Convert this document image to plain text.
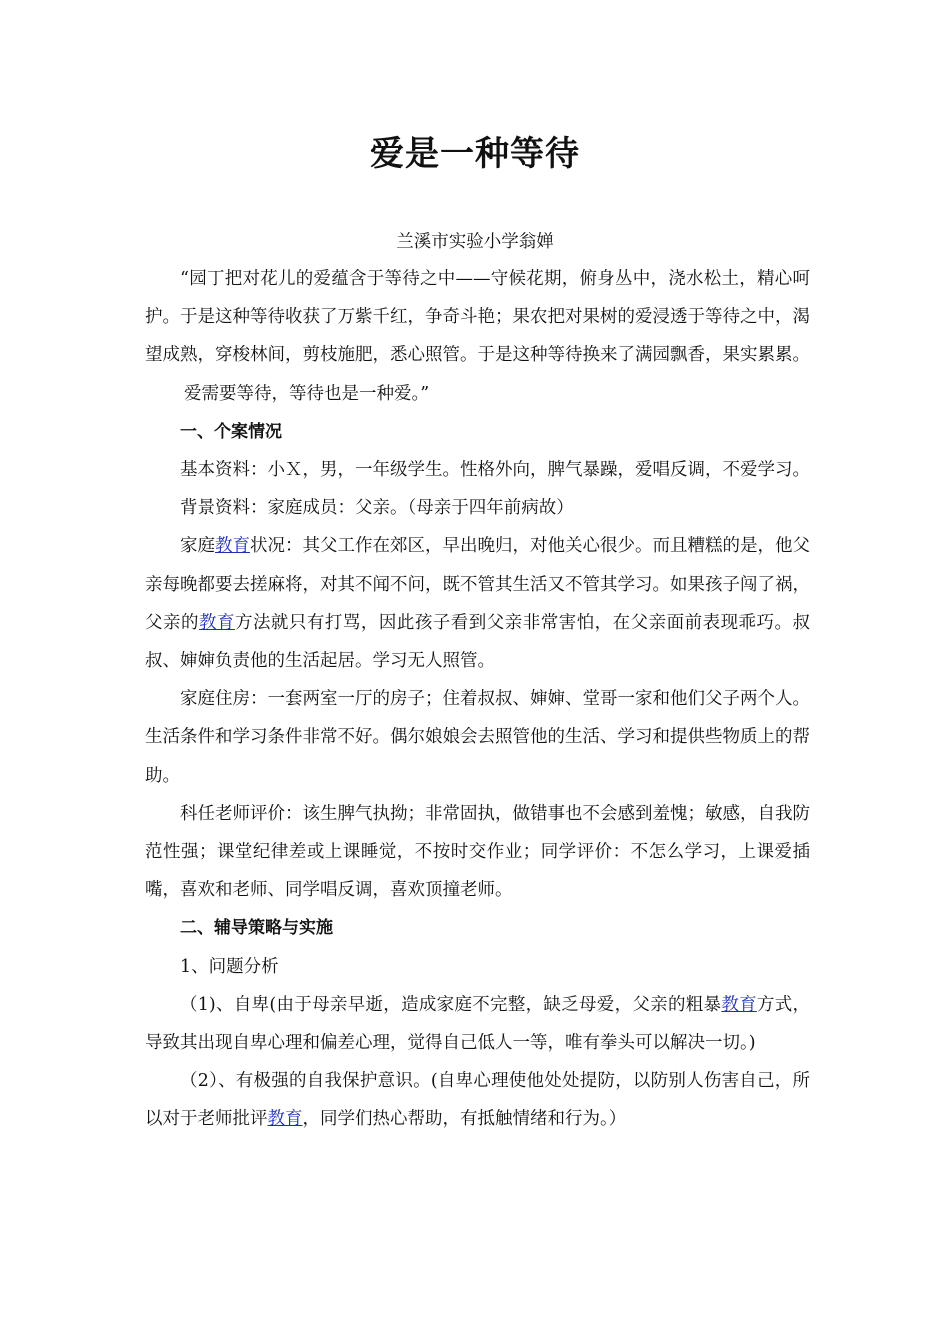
爱是一种等待
兰溪市实验小学翁婵

“园丁把对花儿的爱蕴含于等待之中——守候花期，俯身丛中，浇水松土，精心呵护。于是这种等待收获了万紫千红，争奇斗艳；果农把对果树的爱浸透于等待之中，渴望成熟，穿梭林间，剪枝施肥，悉心照管。于是这种等待换来了满园飘香，果实累累。

爱需要等待，等待也是一种爱。”

一、个案情况

基本资料：小Ｘ，男，一年级学生。性格外向，脾气暴躁，爱唱反调，不爱学习。

背景资料：家庭成员：父亲。（母亲于四年前病故）

家庭教育状况：其父工作在郊区，早出晚归，对他关心很少。而且糟糕的是，他父亲每晚都要去搓麻将，对其不闻不问，既不管其生活又不管其学习。如果孩子闯了祸，父亲的教育方法就只有打骂，因此孩子看到父亲非常害怕，在父亲面前表现乖巧。叔叔、婶婶负责他的生活起居。学习无人照管。

家庭住房：一套两室一厅的房子；住着叔叔、婶婶、堂哥一家和他们父子两个人。生活条件和学习条件非常不好。偶尔娘娘会去照管他的生活、学习和提供些物质上的帮助。

科任老师评价：该生脾气执拗；非常固执，做错事也不会感到羞愧；敏感，自我防范性强；课堂纪律差或上课睡觉，不按时交作业；同学评价：不怎么学习，上课爱插嘴，喜欢和老师、同学唱反调，喜欢顶撞老师。

二、辅导策略与实施

1、问题分析

（1)、自卑(由于母亲早逝，造成家庭不完整，缺乏母爱，父亲的粗暴教育方式，导致其出现自卑心理和偏差心理，觉得自己低人一等，唯有拳头可以解决一切。)

（2）、有极强的自我保护意识。(自卑心理使他处处提防，以防别人伤害自己，所以对于老师批评教育，同学们热心帮助，有抵触情绪和行为。）
